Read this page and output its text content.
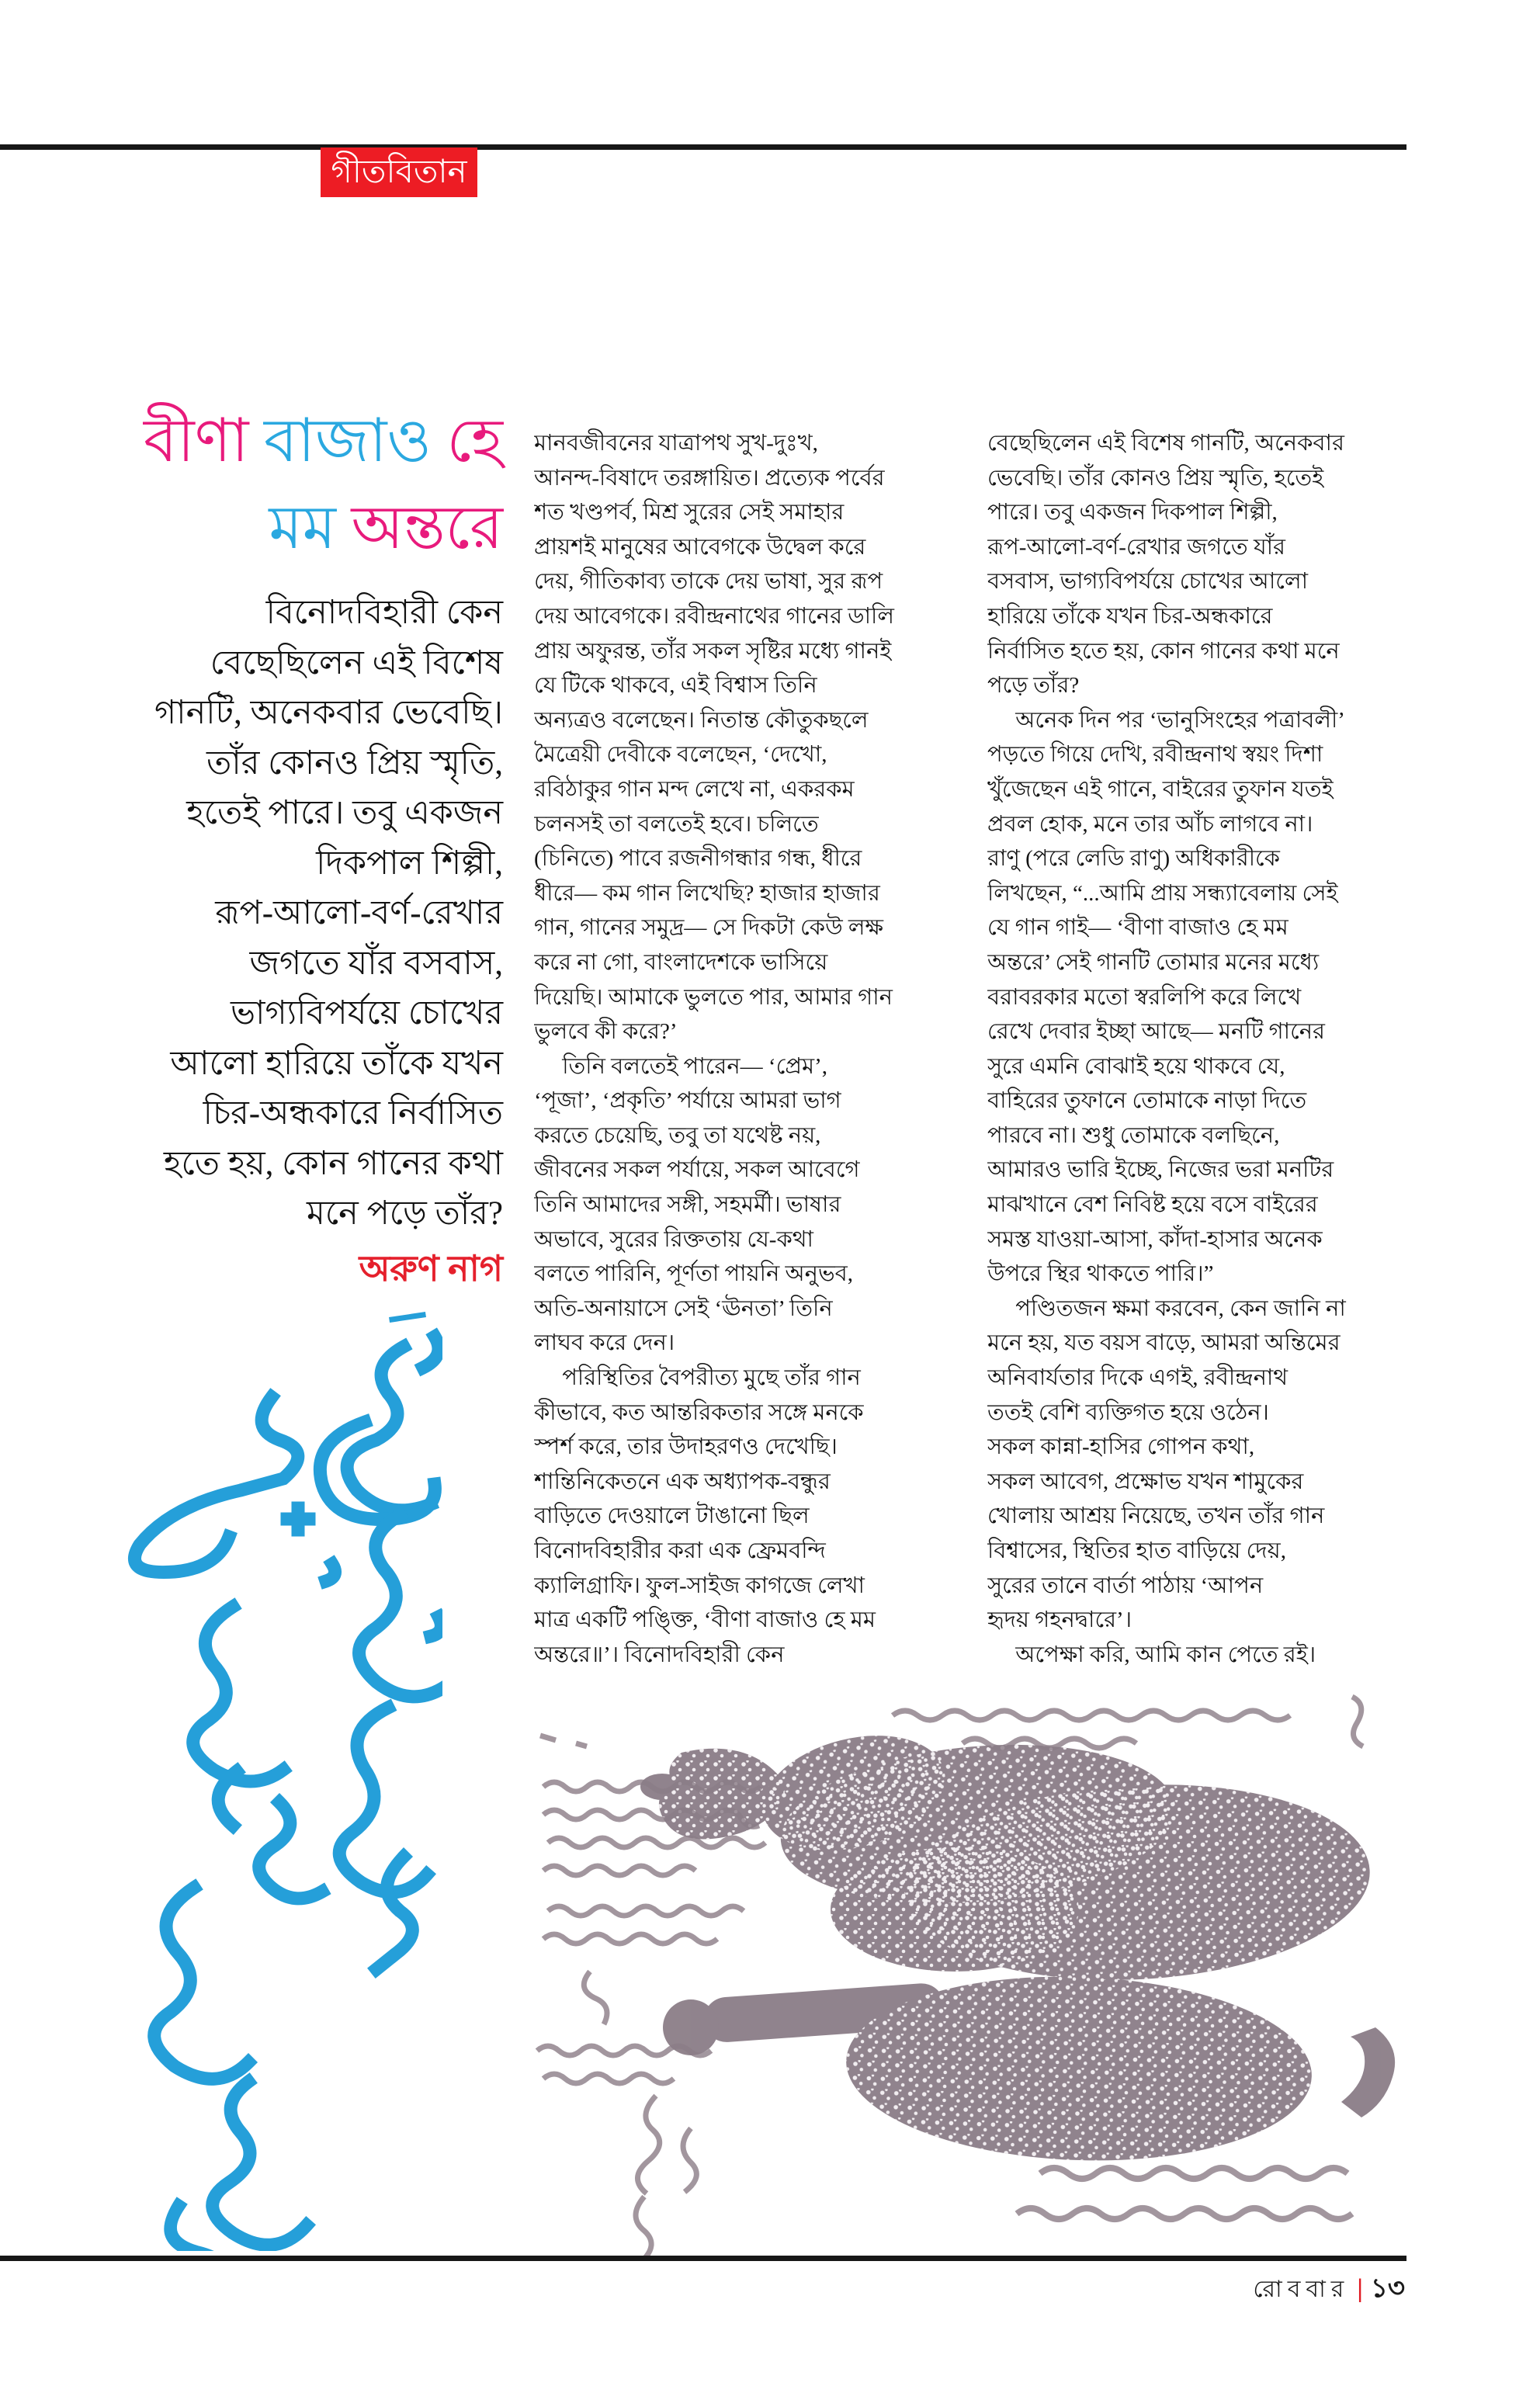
গীতবিতান
বীণা বাজাও হে
মম অন্তরে
বিনোদবিহারী কেন
বেছেছিলেন এই বিশেষ
গানটি, অনেকবার ভেবেছি।
তাঁর কোনও প্রিয় স্মৃতি,
হতেই পারে। তবু একজন
দিকপাল শিল্পী,
রূপ-আলো-বর্ণ-রেখার
জগতে যাঁর বসবাস,
ভাগ্যবিপর্যয়ে চোখের
আলো হারিয়ে তাঁকে যখন
চির-অন্ধকারে নির্বাসিত
হতে হয়, কোন গানের কথা
মনে পড়ে তাঁর?
অরুণ নাগ
মানবজীবনের যাত্রাপথ সুখ-দুঃখ,
আনন্দ-বিষাদে তরঙ্গায়িত। প্রত্যেক পর্বের
শত খণ্ডপর্ব, মিশ্র সুরের সেই সমাহার
প্রায়শই মানুষের আবেগকে উদ্বেল করে
দেয়, গীতিকাব্য তাকে দেয় ভাষা, সুর রূপ
দেয় আবেগকে। রবীন্দ্রনাথের গানের ডালি
প্রায় অফুরন্ত, তাঁর সকল সৃষ্টির মধ্যে গানই
যে টিকে থাকবে, এই বিশ্বাস তিনি
অন্যত্রও বলেছেন। নিতান্ত কৌতুকছলে
মৈত্রেয়ী দেবীকে বলেছেন, ‘দেখো,
রবিঠাকুর গান মন্দ লেখে না, একরকম
চলনসই তা বলতেই হবে। চলিতে
(চিনিতে) পাবে রজনীগন্ধার গন্ধ, ধীরে
ধীরে— কম গান লিখেছি? হাজার হাজার
গান, গানের সমুদ্র— সে দিকটা কেউ লক্ষ
করে না গো, বাংলাদেশকে ভাসিয়ে
দিয়েছি। আমাকে ভুলতে পার, আমার গান
ভুলবে কী করে?’
তিনি বলতেই পারেন— ‘প্রেম’,
‘পূজা’, ‘প্রকৃতি’ পর্যায়ে আমরা ভাগ
করতে চেয়েছি, তবু তা যথেষ্ট নয়,
জীবনের সকল পর্যায়ে, সকল আবেগে
তিনি আমাদের সঙ্গী, সহমর্মী। ভাষার
অভাবে, সুরের রিক্ততায় যে-কথা
বলতে পারিনি, পূর্ণতা পায়নি অনুভব,
অতি-অনায়াসে সেই ‘ঊনতা’ তিনি
লাঘব করে দেন।
পরিস্থিতির বৈপরীত্য মুছে তাঁর গান
কীভাবে, কত আন্তরিকতার সঙ্গে মনকে
স্পর্শ করে, তার উদাহরণও দেখেছি।
শান্তিনিকেতনে এক অধ্যাপক-বন্ধুর
বাড়িতে দেওয়ালে টাঙানো ছিল
বিনোদবিহারীর করা এক ফ্রেমবন্দি
ক্যালিগ্রাফি। ফুল-সাইজ কাগজে লেখা
মাত্র একটি পঙ্ক্তি, ‘বীণা বাজাও হে মম
অন্তরে॥’। বিনোদবিহারী কেন
বেছেছিলেন এই বিশেষ গানটি, অনেকবার
ভেবেছি। তাঁর কোনও প্রিয় স্মৃতি, হতেই
পারে। তবু একজন দিকপাল শিল্পী,
রূপ-আলো-বর্ণ-রেখার জগতে যাঁর
বসবাস, ভাগ্যবিপর্যয়ে চোখের আলো
হারিয়ে তাঁকে যখন চির-অন্ধকারে
নির্বাসিত হতে হয়, কোন গানের কথা মনে
পড়ে তাঁর?
অনেক দিন পর ‘ভানুসিংহের পত্রাবলী’
পড়তে গিয়ে দেখি, রবীন্দ্রনাথ স্বয়ং দিশা
খুঁজেছেন এই গানে, বাইরের তুফান যতই
প্রবল হোক, মনে তার আঁচ লাগবে না।
রাণু (পরে লেডি রাণু) অধিকারীকে
লিখছেন, “...আমি প্রায় সন্ধ্যাবেলায় সেই
যে গান গাই— ‘বীণা বাজাও হে মম
অন্তরে’ সেই গানটি তোমার মনের মধ্যে
বরাবরকার মতো স্বরলিপি করে লিখে
রেখে দেবার ইচ্ছা আছে— মনটি গানের
সুরে এমনি বোঝাই হয়ে থাকবে যে,
বাহিরের তুফানে তোমাকে নাড়া দিতে
পারবে না। শুধু তোমাকে বলছিনে,
আমারও ভারি ইচ্ছে, নিজের ভরা মনটির
মাঝখানে বেশ নিবিষ্ট হয়ে বসে বাইরের
সমস্ত যাওয়া-আসা, কাঁদা-হাসার অনেক
উপরে স্থির থাকতে পারি।”
পণ্ডিতজন ক্ষমা করবেন, কেন জানি না
মনে হয়, যত বয়স বাড়ে, আমরা অন্তিমের
অনিবার্যতার দিকে এগই, রবীন্দ্রনাথ
ততই বেশি ব্যক্তিগত হয়ে ওঠেন।
সকল কান্না-হাসির গোপন কথা,
সকল আবেগ, প্রক্ষোভ যখন শামুকের
খোলায় আশ্রয় নিয়েছে, তখন তাঁর গান
বিশ্বাসের, স্থিতির হাত বাড়িয়ে দেয়,
সুরের তানে বার্তা পাঠায় ‘আপন
হৃদয় গহনদ্বারে’।
অপেক্ষা করি, আমি কান পেতে রই।
রোববার | ১৩
